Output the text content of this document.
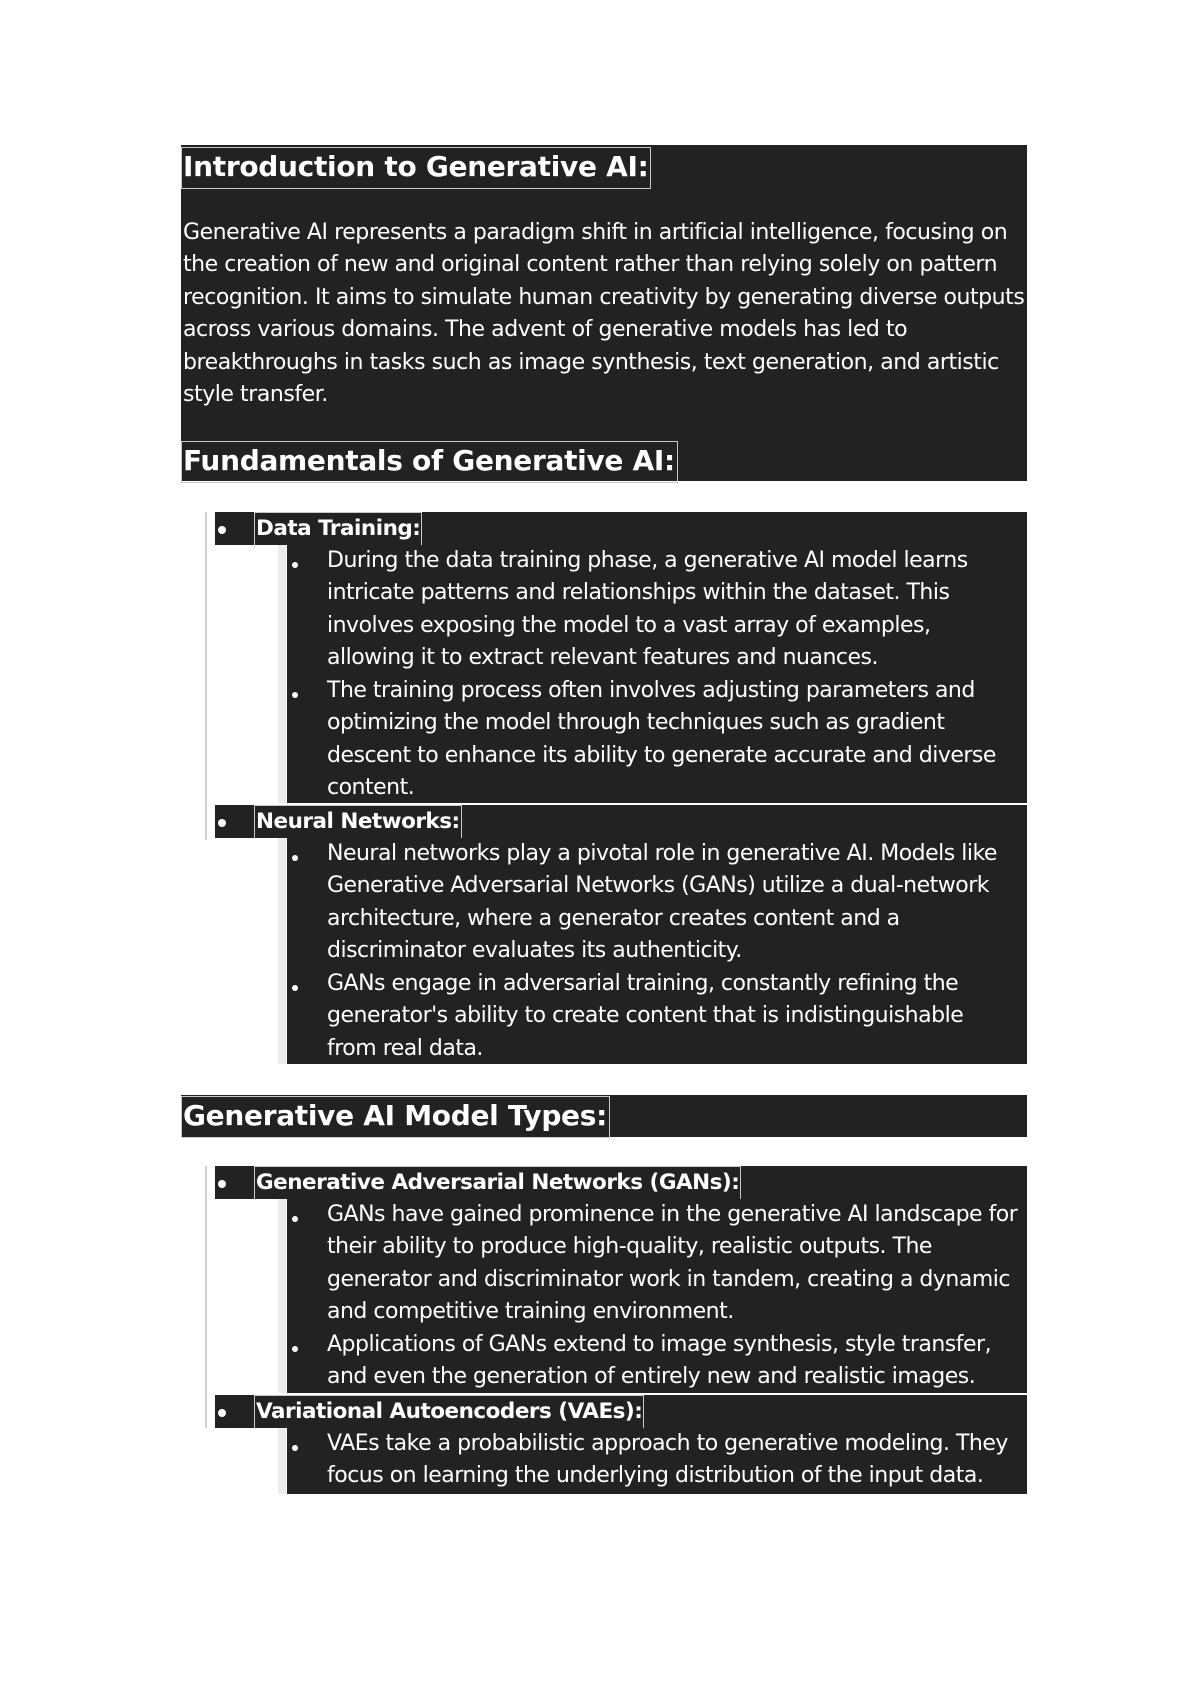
Introduction to Generative AI:
Generative AI represents a paradigm shift in artificial intelligence, focusing on the creation of new and original content rather than relying solely on pattern recognition. It aims to simulate human creativity by generating diverse outputs across various domains. The advent of generative models has led to breakthroughs in tasks such as image synthesis, text generation, and artistic style transfer.
Fundamentals of Generative AI:
Data Training:
During the data training phase, a generative AI model learns intricate patterns and relationships within the dataset. This involves exposing the model to a vast array of examples, allowing it to extract relevant features and nuances.
The training process often involves adjusting parameters and optimizing the model through techniques such as gradient descent to enhance its ability to generate accurate and diverse content.
Neural Networks:
Neural networks play a pivotal role in generative AI. Models like Generative Adversarial Networks (GANs) utilize a dual-network architecture, where a generator creates content and a discriminator evaluates its authenticity.
GANs engage in adversarial training, constantly refining the generator's ability to create content that is indistinguishable from real data.
Generative AI Model Types:
Generative Adversarial Networks (GANs):
GANs have gained prominence in the generative AI landscape for their ability to produce high-quality, realistic outputs. The generator and discriminator work in tandem, creating a dynamic and competitive training environment.
Applications of GANs extend to image synthesis, style transfer, and even the generation of entirely new and realistic images.
Variational Autoencoders (VAEs):
VAEs take a probabilistic approach to generative modeling. They focus on learning the underlying distribution of the input data.
